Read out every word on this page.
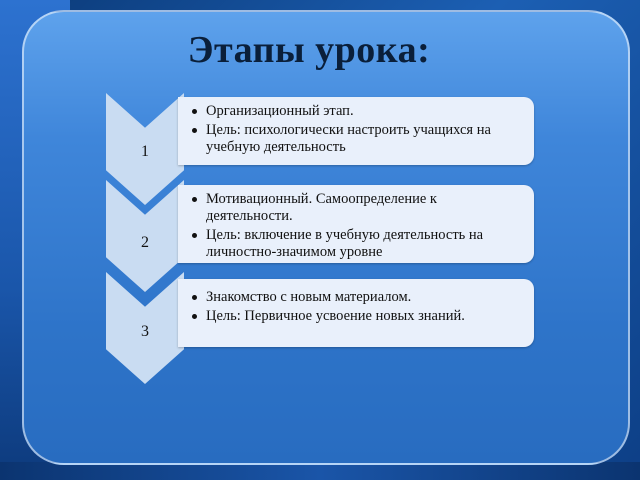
Этапы урока:
1
Организационный этап.
Цель: психологически настроить учащихся на учебную деятельность
2
Мотивационный. Самоопределение к деятельности.
Цель: включение в учебную деятельность на личностно-значимом уровне
3
Знакомство с новым материалом.
Цель: Первичное усвоение новых знаний.
